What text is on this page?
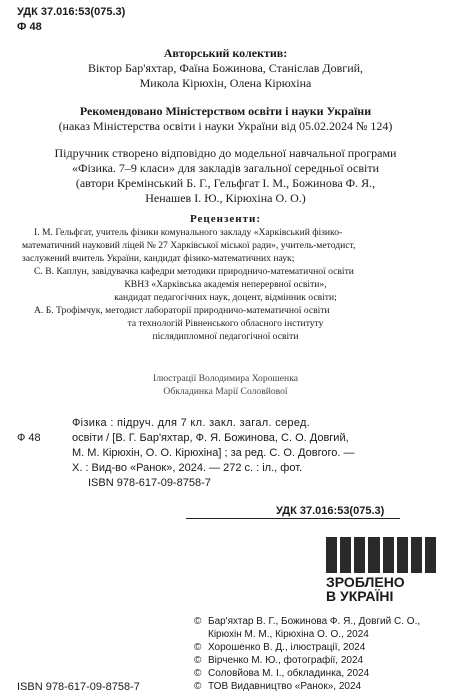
УДК 37.016:53(075.3)
Ф 48
Авторський колектив:
Віктор Бар'яхтар, Фаїна Божинова, Станіслав Довгий,
Микола Кірюхін, Олена Кірюхіна
Рекомендовано Міністерством освіти і науки України
(наказ Міністерства освіти і науки України від 05.02.2024 № 124)
Підручник створено відповідно до модельної навчальної програми
«Фізика. 7–9 класи» для закладів загальної середньої освіти
(автори Кремінський Б. Г., Гельфгат І. М., Божинова Ф. Я.,
Ненашев І. Ю., Кірюхіна О. О.)
Рецензенти:
І. М. Гельфгат, учитель фізики комунального закладу «Харківський фізико-
математичний науковий ліцей № 27 Харківської міської ради», учитель-методист,
заслужений вчитель України, кандидат фізико-математичних наук;
С. В. Каплун, завідувачка кафедри методики природничо-математичної освіти
КВНЗ «Харківська академія неперервної освіти»,
кандидат педагогічних наук, доцент, відмінник освіти;
А. Б. Трофімчук, методист лабораторії природничо-математичної освіти
та технологій Рівненського обласного інституту
післядипломної педагогічної освіти
Ілюстрації Володимира Хорошенка
Обкладинка Марії Соловйової
Фізика : підруч. для 7 кл. закл. загал. серед.
Ф 48	освіти / [В. Г. Бар'яхтар, Ф. Я. Божинова, С. О. Довгий,
М. М. Кірюхін, О. О. Кірюхіна] ; за ред. С. О. Довгого. —
Х. : Вид-во «Ранок», 2024. — 272 с. : іл., фот.
ISBN 978-617-09-8758-7
УДК 37.016:53(075.3)
ЗРОБЛЕНО
В УКРАЇНІ
© Бар'яхтар В. Г., Божинова Ф. Я., Довгий С. О.,
Кірюхін М. М., Кірюхіна О. О., 2024
© Хорошенко В. Д., ілюстрації, 2024
© Вірченко М. Ю., фотографії, 2024
© Соловйова М. І., обкладинка, 2024
© ТОВ Видавництво «Ранок», 2024
ISBN 978-617-09-8758-7
